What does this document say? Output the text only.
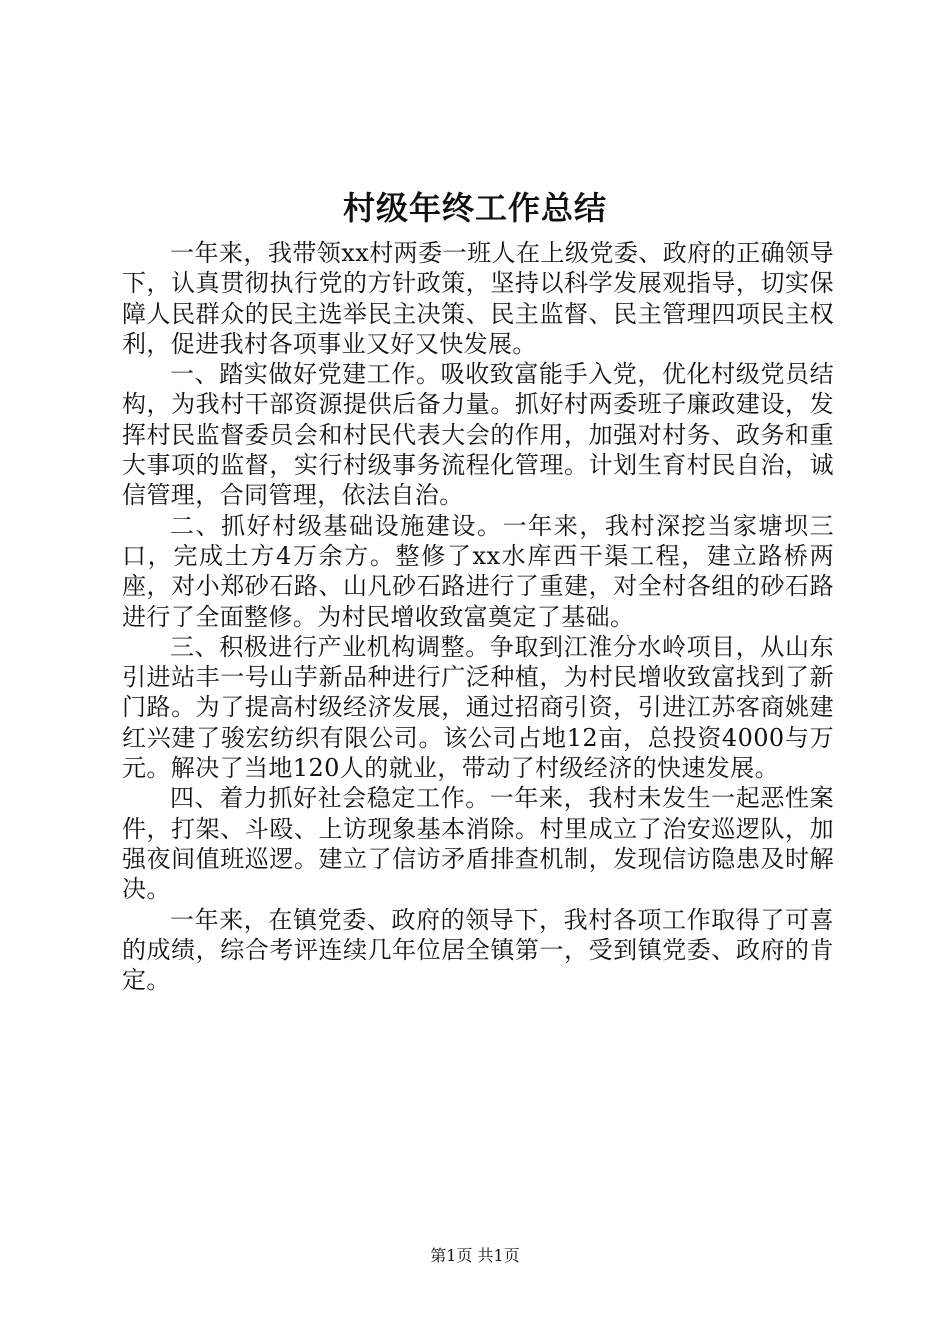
村级年终工作总结

一年来，我带领xx村两委一班人在上级党委、政府的正确领导下，认真贯彻执行党的方针政策，坚持以科学发展观指导，切实保障人民群众的民主选举民主决策、民主监督、民主管理四项民主权利，促进我村各项事业又好又快发展。

一、踏实做好党建工作。吸收致富能手入党，优化村级党员结构，为我村干部资源提供后备力量。抓好村两委班子廉政建设，发挥村民监督委员会和村民代表大会的作用，加强对村务、政务和重大事项的监督，实行村级事务流程化管理。计划生育村民自治，诚信管理，合同管理，依法自治。

二、抓好村级基础设施建设。一年来，我村深挖当家塘坝三口，完成土方4万余方。整修了xx水库西干渠工程，建立路桥两座，对小郑砂石路、山凡砂石路进行了重建，对全村各组的砂石路进行了全面整修。为村民增收致富奠定了基础。

三、积极进行产业机构调整。争取到江淮分水岭项目，从山东引进站丰一号山芋新品种进行广泛种植，为村民增收致富找到了新门路。为了提高村级经济发展，通过招商引资，引进江苏客商姚建红兴建了骏宏纺织有限公司。该公司占地12亩，总投资4000与万元。解决了当地120人的就业，带动了村级经济的快速发展。

四、着力抓好社会稳定工作。一年来，我村未发生一起恶性案件，打架、斗殴、上访现象基本消除。村里成立了治安巡逻队，加强夜间值班巡逻。建立了信访矛盾排查机制，发现信访隐患及时解决。

一年来，在镇党委、政府的领导下，我村各项工作取得了可喜的成绩，综合考评连续几年位居全镇第一，受到镇党委、政府的肯定。

第1页 共1页
